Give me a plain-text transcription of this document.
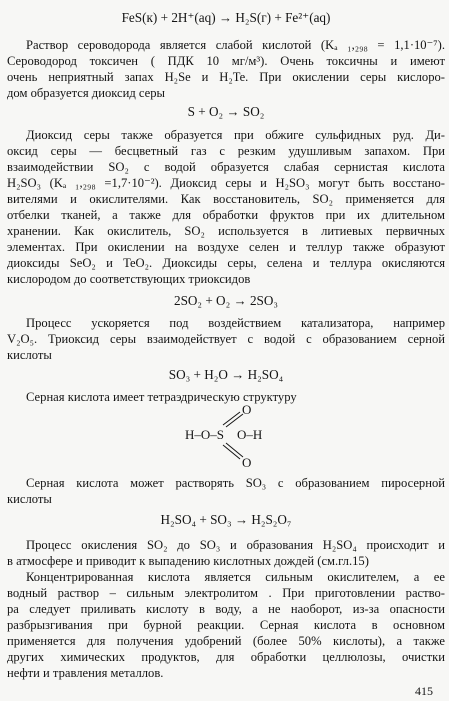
FeS(к) + 2H⁺(aq) → H₂S(г) + Fe²⁺(aq)
Раствор сероводорода является слабой кислотой (Kₐ ₁,₂₉₈ = 1,1·10⁻⁷).
Сероводород токсичен ( ПДК 10 мг/м³). Очень токсичны и имеют
очень неприятный запах H₂Se и H₂Te. При окислении серы кислоро-
дом образуется диоксид серы
S + O₂ → SO₂
Диоксид серы также образуется при обжиге сульфидных руд. Ди-
оксид серы — бесцветный газ с резким удушливым запахом. При
взаимодействии SO₂ с водой образуется слабая сернистая кислота
H₂SO₃ (Kₐ ₁,₂₉₈ =1,7·10⁻²). Диоксид серы и H₂SO₃ могут быть восстано-
вителями и окислителями. Как восстановитель, SO₂ применяется для
отбелки тканей, а также для обработки фруктов при их длительном
хранении. Как окислитель, SO₂ используется в литиевых первичных
элементах. При окислении на воздухе селен и теллур также образуют
диоксиды SeO₂ и TeO₂. Диоксиды серы, селена и теллура окисляются
кислородом до соответствующих триоксидов
2SO₂ + O₂ → 2SO₃
Процесс ускоряется под воздействием катализатора, например
V₂O₅. Триоксид серы взаимодействует с водой с образованием серной
кислоты
SO₃ + H₂O → H₂SO₄
Серная кислота имеет тетраэдрическую структуру
O
H–O–S O–H
O
Серная кислота может растворять SO₃ с образованием пиросерной
кислоты
H₂SO₄ + SO₃ → H₂S₂O₇
Процесс окисления SO₂ до SO₃ и образования H₂SO₄ происходит и
в атмосфере и приводит к выпадению кислотных дождей (см.гл.15)
Концентрированная кислота является сильным окислителем, а ее
водный раствор – сильным электролитом . При приготовлении раство-
ра следует приливать кислоту в воду, а не наоборот, из-за опасности
разбрызгивания при бурной реакции. Серная кислота в основном
применяется для получения удобрений (более 50% кислоты), а также
других химических продуктов, для обработки целлюлозы, очистки
нефти и травления металлов.
415
